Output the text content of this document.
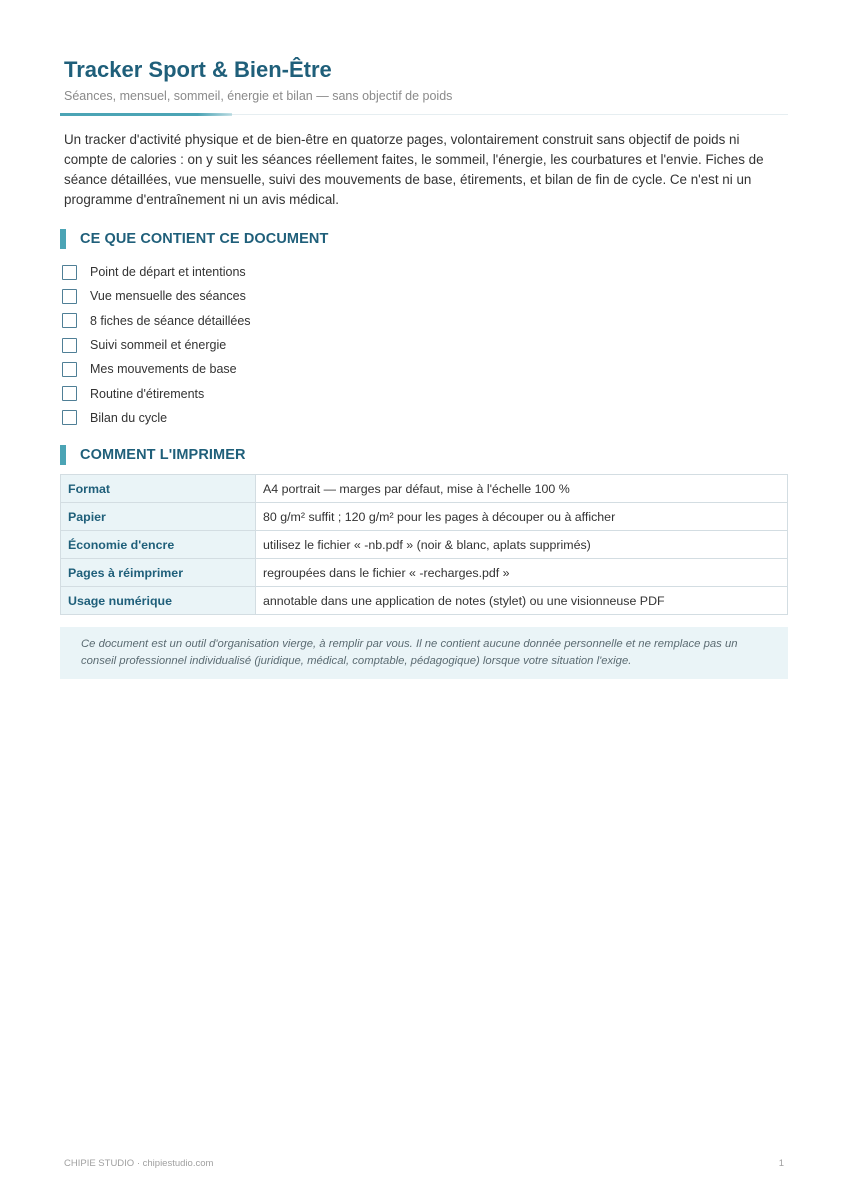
Tracker Sport & Bien-Être

Séances, mensuel, sommeil, énergie et bilan — sans objectif de poids

Un tracker d'activité physique et de bien-être en quatorze pages, volontairement construit sans objectif de poids ni compte de calories : on y suit les séances réellement faites, le sommeil, l'énergie, les courbatures et l'envie. Fiches de séance détaillées, vue mensuelle, suivi des mouvements de base, étirements, et bilan de fin de cycle. Ce n'est ni un programme d'entraînement ni un avis médical.

CE QUE CONTIENT CE DOCUMENT
Point de départ et intentions
Vue mensuelle des séances
8 fiches de séance détaillées
Suivi sommeil et énergie
Mes mouvements de base
Routine d'étirements
Bilan du cycle
COMMENT L'IMPRIMER
Format	A4 portrait — marges par défaut, mise à l'échelle 100 %
Papier	80 g/m² suffit ; 120 g/m² pour les pages à découper ou à afficher
Économie d'encre	utilisez le fichier « -nb.pdf » (noir & blanc, aplats supprimés)
Pages à réimprimer	regroupées dans le fichier « -recharges.pdf »
Usage numérique	annotable dans une application de notes (stylet) ou une visionneuse PDF
Ce document est un outil d'organisation vierge, à remplir par vous. Il ne contient aucune donnée personnelle et ne remplace pas un conseil professionnel individualisé (juridique, médical, comptable, pédagogique) lorsque votre situation l'exige.
CHIPIE STUDIO · chipiestudio.com	1
